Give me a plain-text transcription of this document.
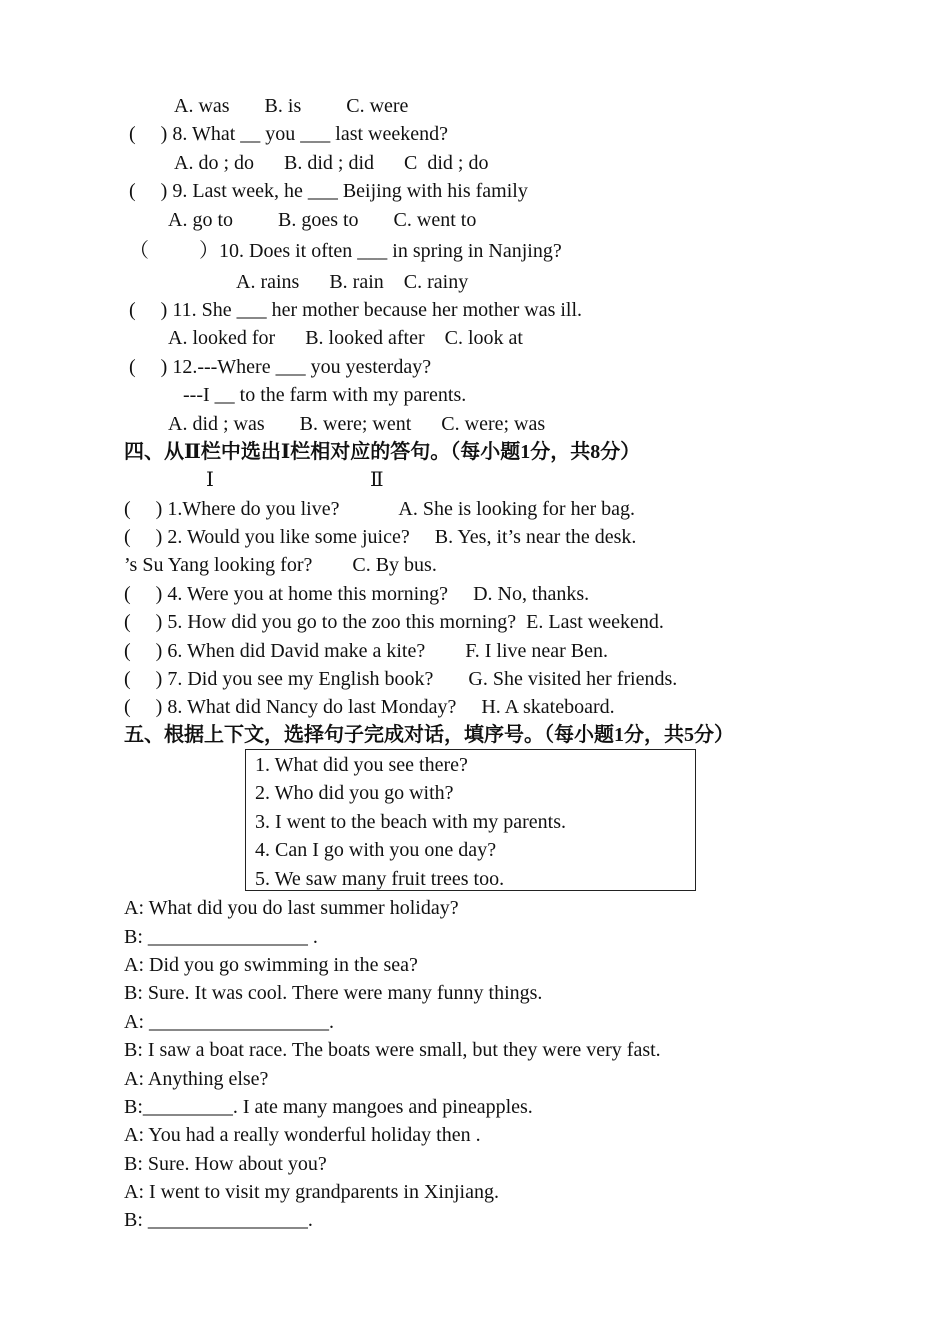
A. was       B. is         C. were
(     ) 8. What __ you ___ last weekend?
A. do ; do      B. did ; did      C  did ; do
(     ) 9. Last week, he ___ Beijing with his family
A. go to         B. goes to       C. went to
（          ）10. Does it often ___ in spring in Nanjing?
A. rains      B. rain    C. rainy
(     ) 11. She ___ her mother because her mother was ill.
A. looked for      B. looked after    C. look at
(     ) 12.---Where ___ you yesterday?
---I __ to the farm with my parents.
A. did ; was       B. were; went      C. were; was
四、从Ⅱ栏中选出Ⅰ栏相对应的答句。（每小题1分，共8分）
Ⅰ	Ⅱ
(     ) 1.Where do you live?            A. She is looking for her bag.
(     ) 2. Would you like some juice?     B. Yes, it’s near the desk.
’s Su Yang looking for?        C. By bus.
(     ) 4. Were you at home this morning?     D. No, thanks.
(     ) 5. How did you go to the zoo this morning?  E. Last weekend.
(     ) 6. When did David make a kite?        F. I live near Ben.
(     ) 7. Did you see my English book?       G. She visited her friends.
(     ) 8. What did Nancy do last Monday?     H. A skateboard.
五、根据上下文，选择句子完成对话，填序号。（每小题1分，共5分）
1. What did you see there?
2. Who did you go with?
3. I went to the beach with my parents.
4. Can I go with you one day?
5. We saw many fruit trees too.
A: What did you do last summer holiday?
B: ________________ .
A: Did you go swimming in the sea?
B: Sure. It was cool. There were many funny things.
A: __________________.
B: I saw a boat race. The boats were small, but they were very fast.
A: Anything else?
B:_________. I ate many mangoes and pineapples.
A: You had a really wonderful holiday then .
B: Sure. How about you?
A: I went to visit my grandparents in Xinjiang.
B: ________________.
